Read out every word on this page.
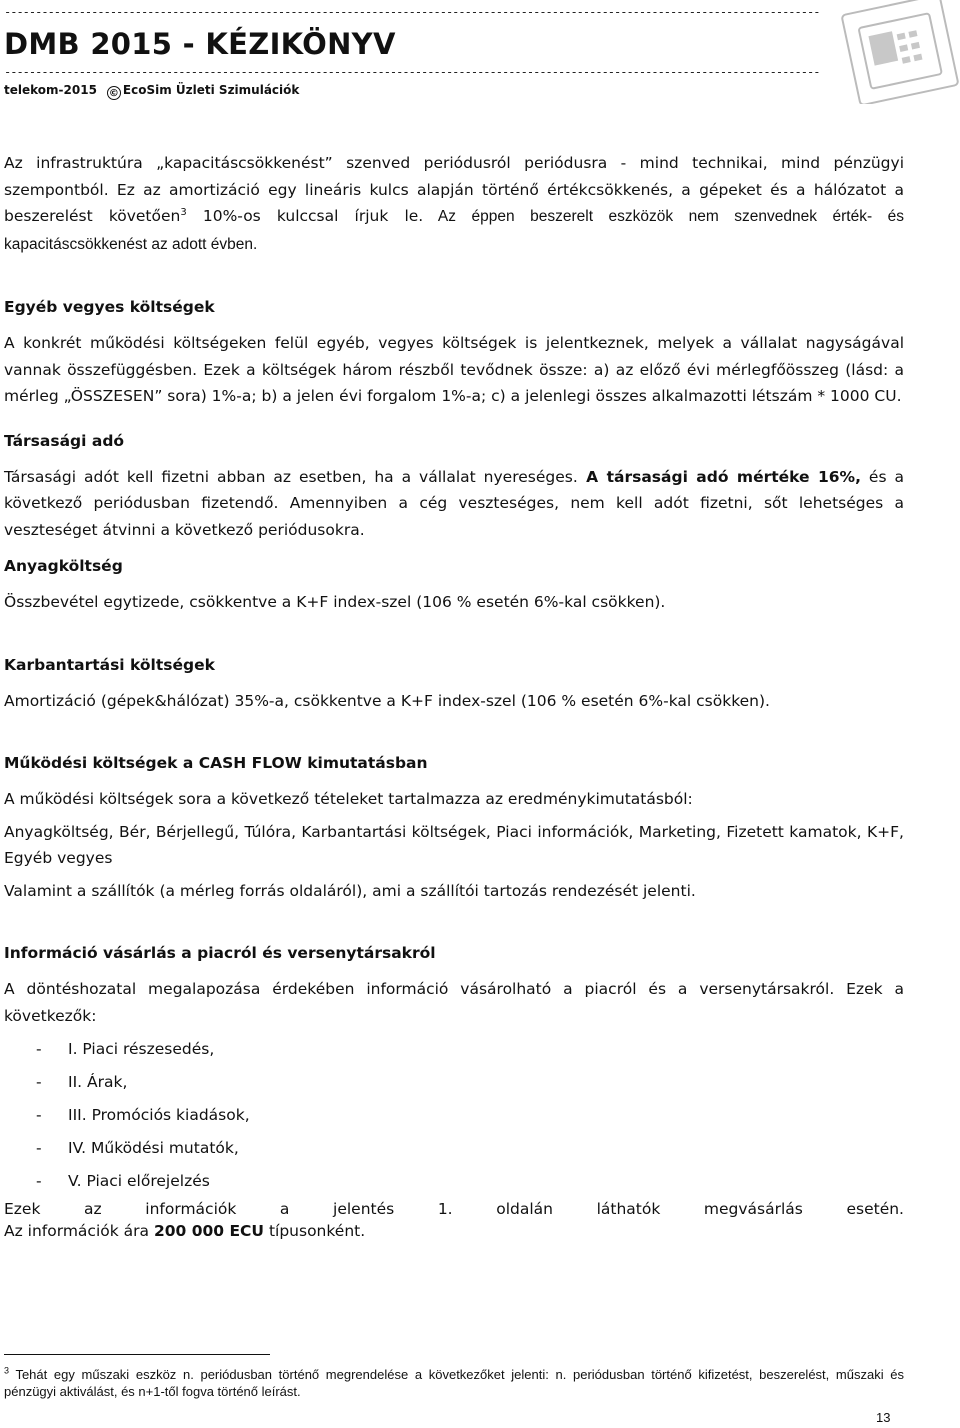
-----------------------------------------------------------------------------------------------------------------------------------
DMB 2015 - KÉZIKÖNYV
-----------------------------------------------------------------------------------------------------------------------------------
telekom-2015 © EcoSim Üzleti Szimulációk

Az infrastruktúra „kapacitáscsökkenést” szenved periódusról periódusra - mind technikai, mind pénzügyi szempontból. Ez az amortizáció egy lineáris kulcs alapján történő értékcsökkenés, a gépeket és a hálózatot a beszerelést követően$^3$ 10%-os kulccsal írjuk le. Az éppen beszerelt eszközök nem szenvednek érték- és kapacitáscsökkenést az adott évben.

Egyéb vegyes költségek

A konkrét működési költségeken felül egyéb, vegyes költségek is jelentkeznek, melyek a vállalat nagyságával vannak összefüggésben. Ezek a költségek három részből tevődnek össze: a) az előző évi mérlegfőösszeg (lásd: a mérleg „ÖSSZESEN” sora) 1%-a; b) a jelen évi forgalom 1%-a; c) a jelenlegi összes alkalmazotti létszám * 1000 CU.

Társasági adó

Társasági adót kell fizetni abban az esetben, ha a vállalat nyereséges. A társasági adó mértéke 16%, és a következő periódusban fizetendő. Amennyiben a cég veszteséges, nem kell adót fizetni, sőt lehetséges a veszteséget átvinni a következő periódusokra.

Anyagköltség

Összbevétel egytizede, csökkentve a K+F index-szel (106 % esetén 6%-kal csökken).

Karbantartási költségek

Amortizáció (gépek&hálózat) 35%-a, csökkentve a K+F index-szel (106 % esetén 6%-kal csökken).

Működési költségek a CASH FLOW kimutatásban

A működési költségek sora a következő tételeket tartalmazza az eredménykimutatásból:

Anyagköltség, Bér, Bérjellegű, Túlóra, Karbantartási költségek, Piaci információk, Marketing, Fizetett kamatok, K+F, Egyéb vegyes

Valamint a szállítók (a mérleg forrás oldaláról), ami a szállítói tartozás rendezését jelenti.

Információ vásárlás a piacról és versenytársakról

A döntéshozatal megalapozása érdekében információ vásárolható a piacról és a versenytársakról. Ezek a következők:

- I. Piaci részesedés,
- II. Árak,
- III. Promóciós kiadások,
- IV. Működési mutatók,
- V. Piaci előrejelzés

Ezek az információk a jelentés 1. oldalán láthatók megvásárlás esetén.

Az információk ára 200 000 ECU típusonként.

$^3$ Tehát egy műszaki eszköz n. periódusban történő megrendelése a következőket jelenti: n. periódusban történő kifizetést, beszerelést, műszaki és pénzügyi aktiválást, és n+1-től fogva történő leírást.
13
